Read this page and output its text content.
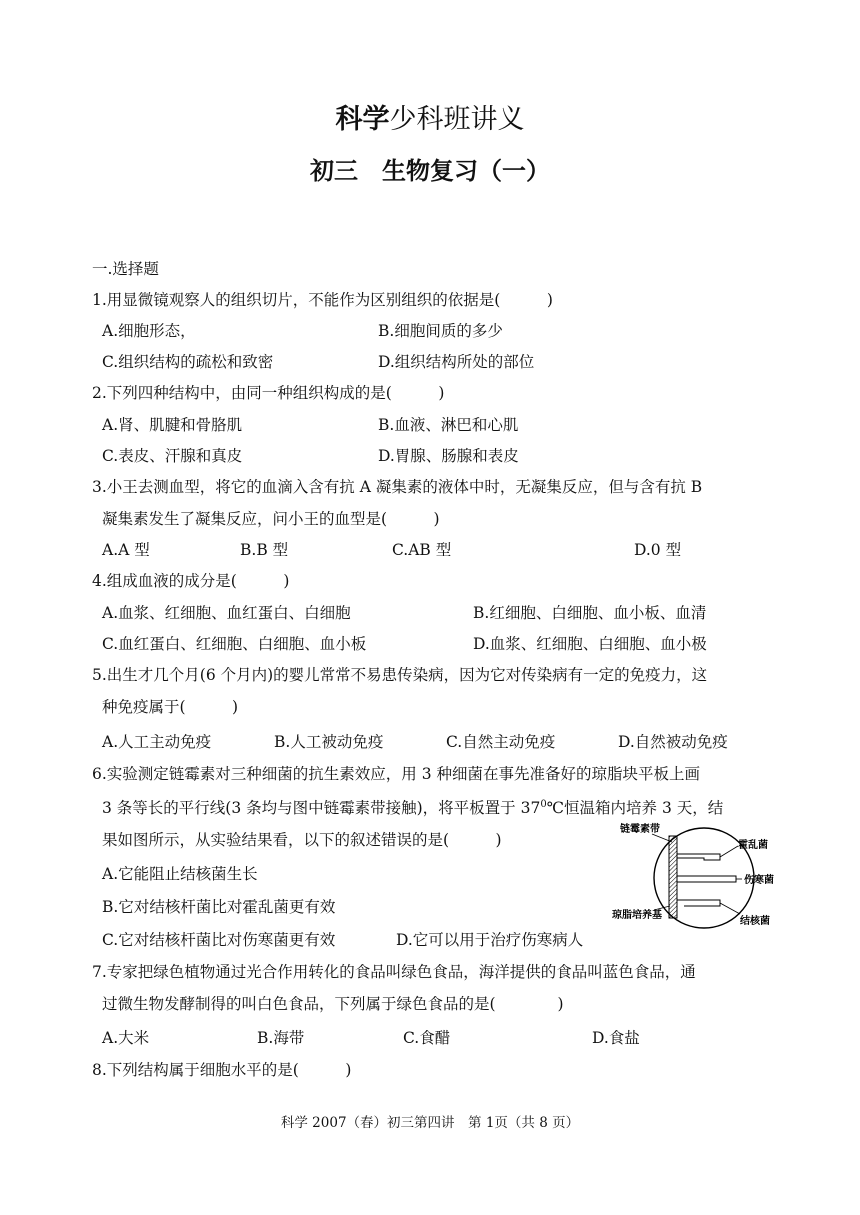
科学少科班讲义
初三　生物复习（一）
一.选择题
1.用显微镜观察人的组织切片，不能作为区别组织的依据是(　　　)
A.细胞形态，	B.细胞间质的多少
C.组织结构的疏松和致密	D.组织结构所处的部位
2.下列四种结构中，由同一种组织构成的是(　　　)
A.肾、肌腱和骨胳肌	B.血液、淋巴和心肌
C.表皮、汗腺和真皮	D.胃腺、肠腺和表皮
3.小王去测血型，将它的血滴入含有抗 A 凝集素的液体中时，无凝集反应，但与含有抗 B
凝集素发生了凝集反应，问小王的血型是(　　　)
A.A 型	B.B 型	C.AB 型	D.0 型
4.组成血液的成分是(　　　)
A.血浆、红细胞、血红蛋白、白细胞	B.红细胞、白细胞、血小板、血清
C.血红蛋白、红细胞、白细胞、血小板	D.血浆、红细胞、白细胞、血小极
5.出生才几个月(6 个月内)的婴儿常常不易患传染病，因为它对传染病有一定的免疫力，这
种免疫属于(　　　)
A.人工主动免疫	B.人工被动免疫	C.自然主动免疫	D.自然被动免疫
6.实验测定链霉素对三种细菌的抗生素效应，用 3 种细菌在事先准备好的琼脂块平板上画
3 条等长的平行线(3 条均与图中链霉素带接触)，将平板置于 $37^0℃$恒温箱内培养 3 天，结
果如图所示，从实验结果看，以下的叙述错误的是(　　　)
A.它能阻止结核菌生长
B.它对结核杆菌比对霍乱菌更有效
C.它对结核杆菌比对伤寒菌更有效	D.它可以用于治疗伤寒病人
链霉素带
霍乱菌
伤寒菌
琼脂培养基
结核菌
7.专家把绿色植物通过光合作用转化的食品叫绿色食品，海洋提供的食品叫蓝色食品，通
过微生物发酵制得的叫白色食品，下列属于绿色食品的是(　　　　)
A.大米	B.海带	C.食醋	D.食盐
8.下列结构属于细胞水平的是(　　　)
科学 2007（春）初三第四讲　第 1页（共 8 页）
